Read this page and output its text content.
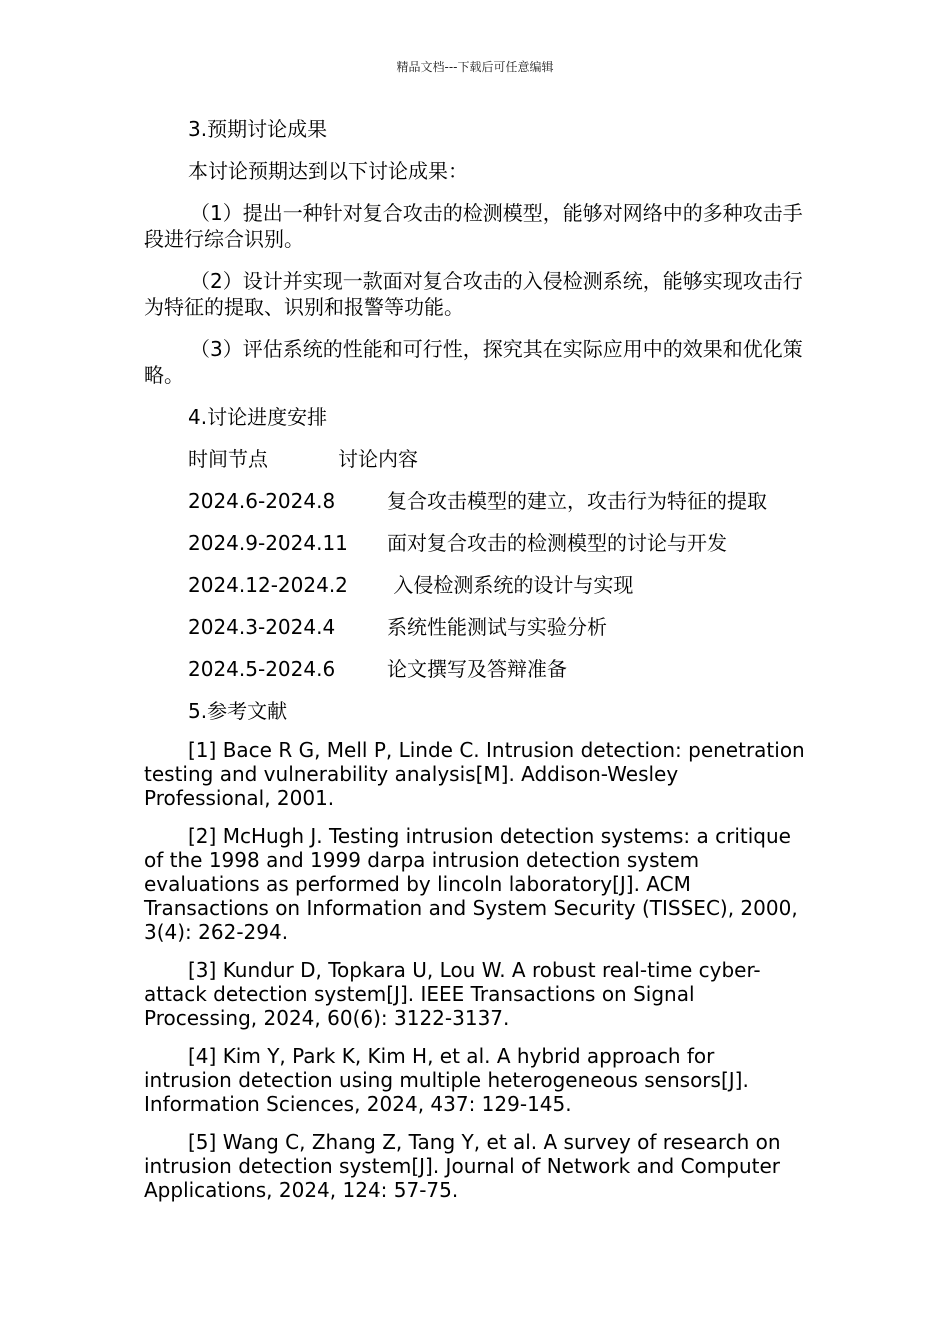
精品文档---下载后可任意编辑

3.预期讨论成果

本讨论预期达到以下讨论成果：

（1）提出一种针对复合攻击的检测模型，能够对网络中的多种攻击手段进行综合识别。

（2）设计并实现一款面对复合攻击的入侵检测系统，能够实现攻击行为特征的提取、识别和报警等功能。

（3）评估系统的性能和可行性，探究其在实际应用中的效果和优化策略。

4.讨论进度安排

时间节点	讨论内容
2024.6-2024.8	复合攻击模型的建立，攻击行为特征的提取
2024.9-2024.11	面对复合攻击的检测模型的讨论与开发
2024.12-2024.2	入侵检测系统的设计与实现
2024.3-2024.4	系统性能测试与实验分析
2024.5-2024.6	论文撰写及答辩准备

5.参考文献

[1] Bace R G, Mell P, Linde C. Intrusion detection: penetration testing and vulnerability analysis[M]. Addison-Wesley Professional, 2001.

[2] McHugh J. Testing intrusion detection systems: a critique of the 1998 and 1999 darpa intrusion detection system evaluations as performed by lincoln laboratory[J]. ACM Transactions on Information and System Security (TISSEC), 2000, 3(4): 262-294.

[3] Kundur D, Topkara U, Lou W. A robust real-time cyber-attack detection system[J]. IEEE Transactions on Signal Processing, 2024, 60(6): 3122-3137.

[4] Kim Y, Park K, Kim H, et al. A hybrid approach for intrusion detection using multiple heterogeneous sensors[J]. Information Sciences, 2024, 437: 129-145.

[5] Wang C, Zhang Z, Tang Y, et al. A survey of research on intrusion detection system[J]. Journal of Network and Computer Applications, 2024, 124: 57-75.
